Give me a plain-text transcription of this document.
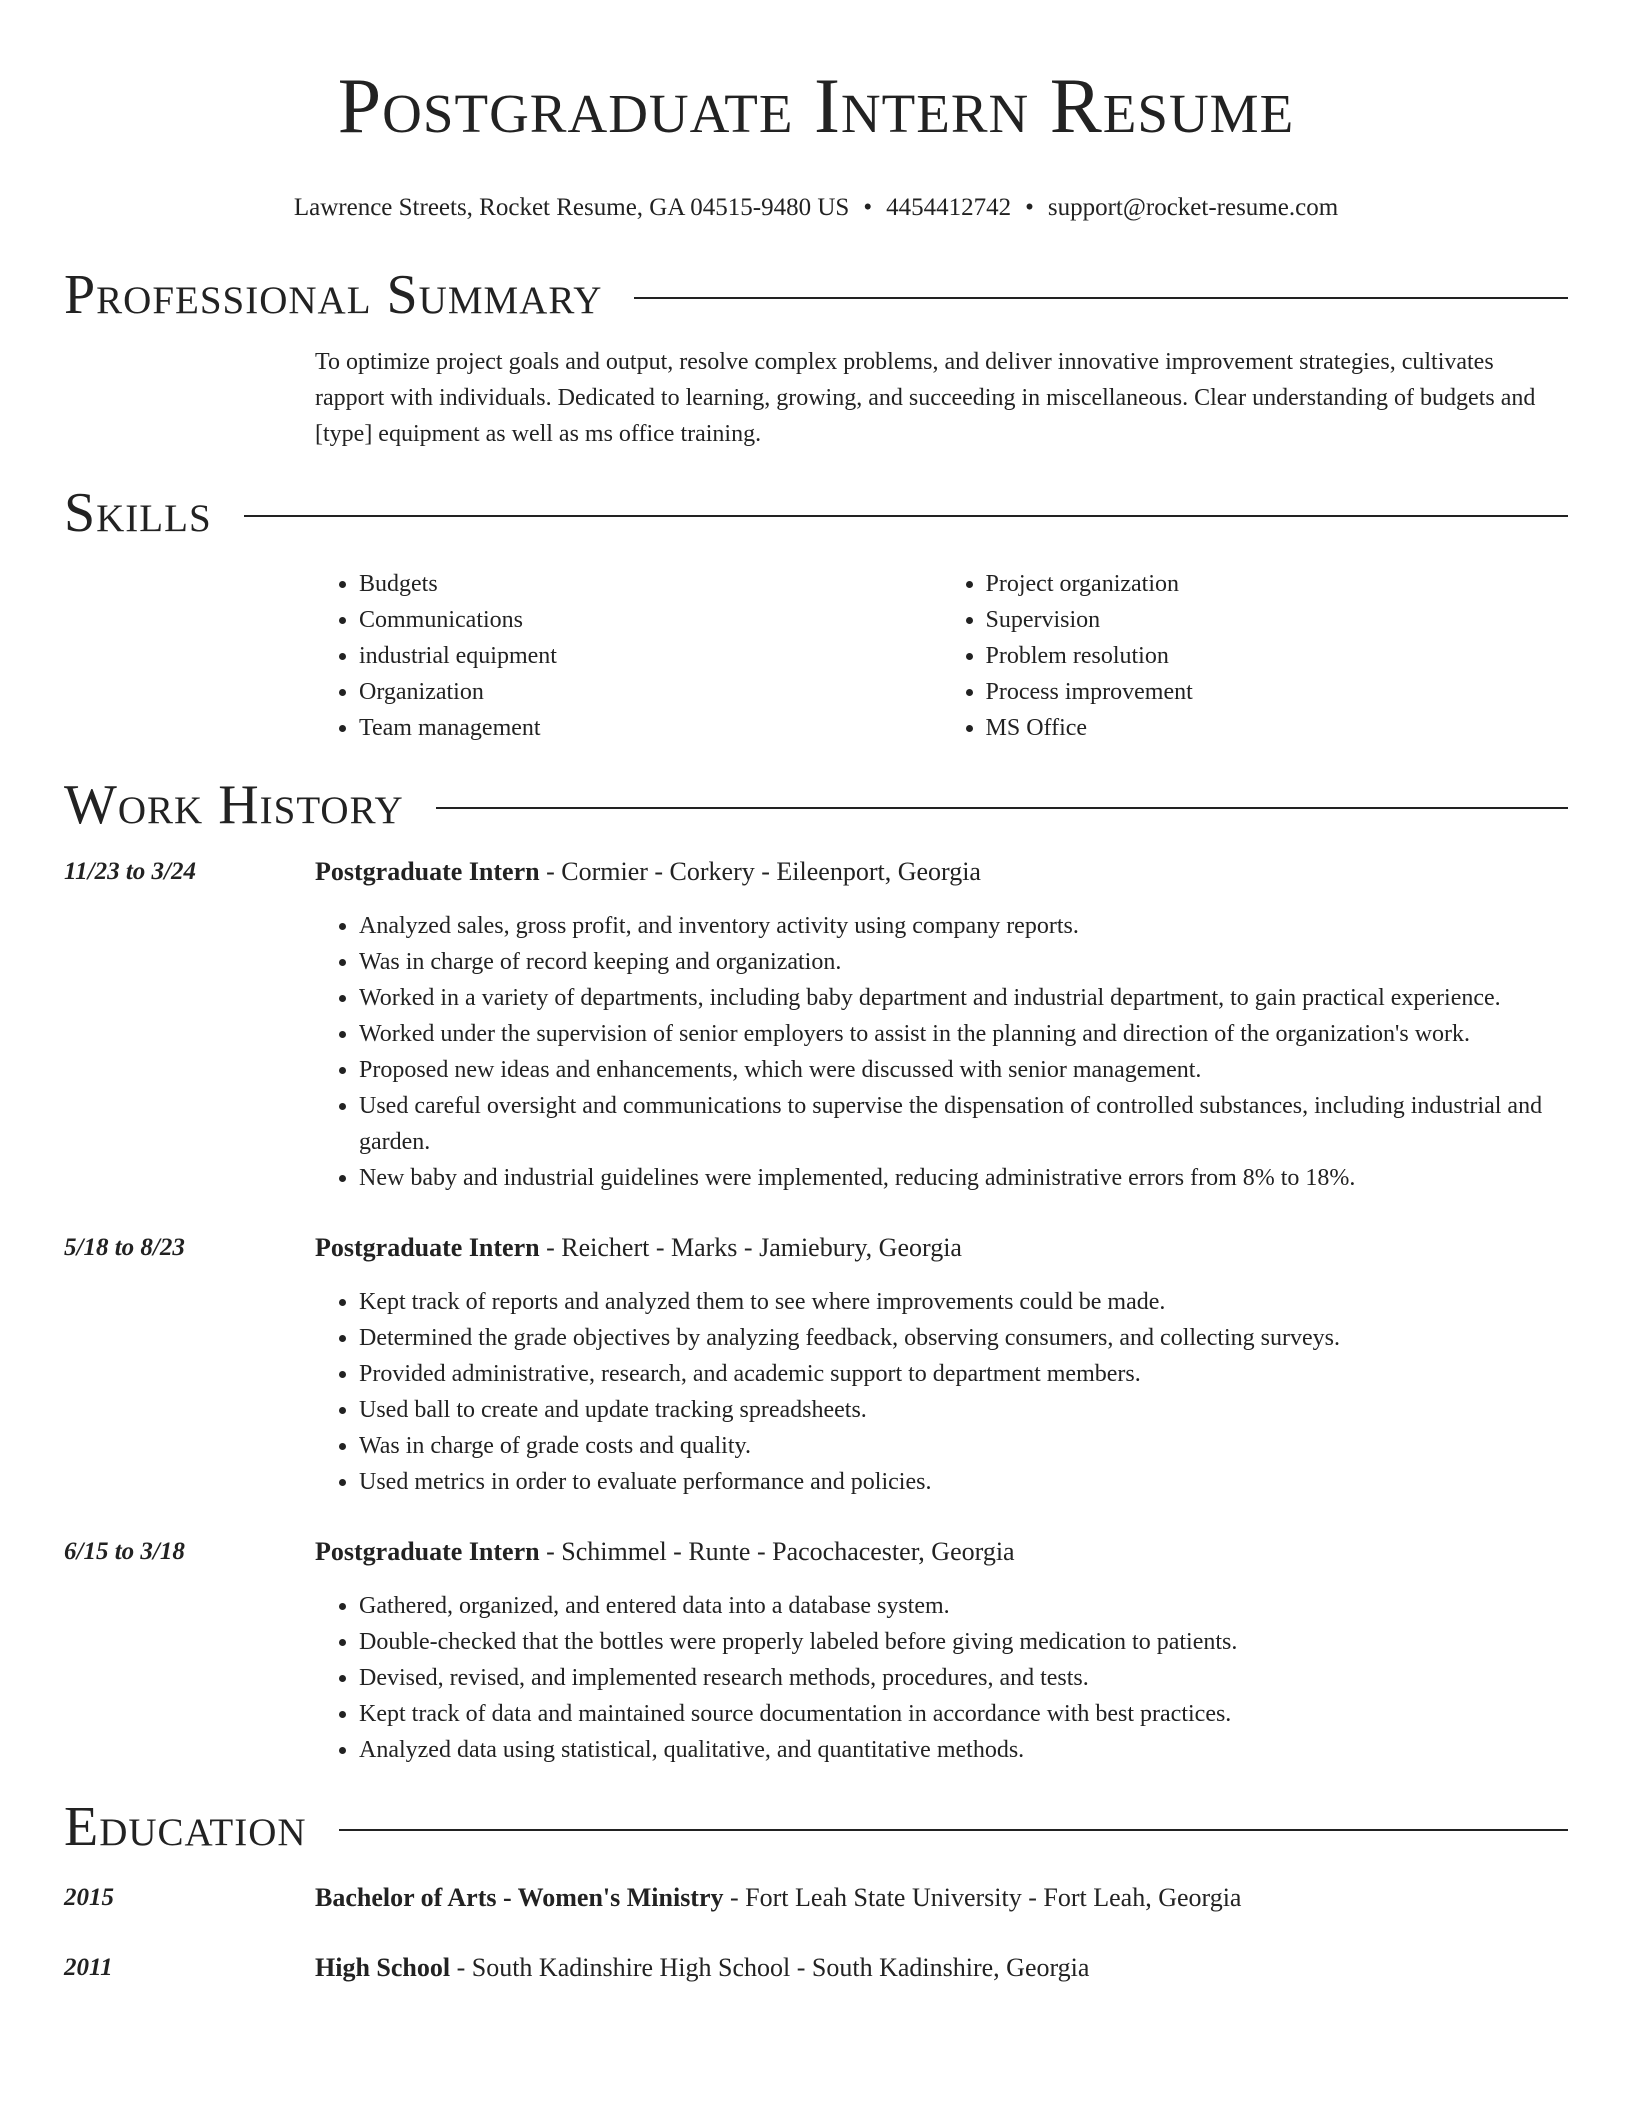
Postgraduate Intern Resume
Lawrence Streets, Rocket Resume, GA 04515-9480 US • 4454412742 • support@rocket-resume.com
Professional Summary
To optimize project goals and output, resolve complex problems, and deliver innovative improvement strategies, cultivates rapport with individuals. Dedicated to learning, growing, and succeeding in miscellaneous. Clear understanding of budgets and [type] equipment as well as ms office training.
Skills
• Budgets
• Communications
• industrial equipment
• Organization
• Team management
• Project organization
• Supervision
• Problem resolution
• Process improvement
• MS Office
Work History
11/23 to 3/24	Postgraduate Intern - Cormier - Corkery - Eileenport, Georgia
• Analyzed sales, gross profit, and inventory activity using company reports.
• Was in charge of record keeping and organization.
• Worked in a variety of departments, including baby department and industrial department, to gain practical experience.
• Worked under the supervision of senior employers to assist in the planning and direction of the organization's work.
• Proposed new ideas and enhancements, which were discussed with senior management.
• Used careful oversight and communications to supervise the dispensation of controlled substances, including industrial and garden.
• New baby and industrial guidelines were implemented, reducing administrative errors from 8% to 18%.
5/18 to 8/23	Postgraduate Intern - Reichert - Marks - Jamiebury, Georgia
• Kept track of reports and analyzed them to see where improvements could be made.
• Determined the grade objectives by analyzing feedback, observing consumers, and collecting surveys.
• Provided administrative, research, and academic support to department members.
• Used ball to create and update tracking spreadsheets.
• Was in charge of grade costs and quality.
• Used metrics in order to evaluate performance and policies.
6/15 to 3/18	Postgraduate Intern - Schimmel - Runte - Pacochacester, Georgia
• Gathered, organized, and entered data into a database system.
• Double-checked that the bottles were properly labeled before giving medication to patients.
• Devised, revised, and implemented research methods, procedures, and tests.
• Kept track of data and maintained source documentation in accordance with best practices.
• Analyzed data using statistical, qualitative, and quantitative methods.
Education
2015	Bachelor of Arts - Women's Ministry - Fort Leah State University - Fort Leah, Georgia
2011	High School - South Kadinshire High School - South Kadinshire, Georgia
